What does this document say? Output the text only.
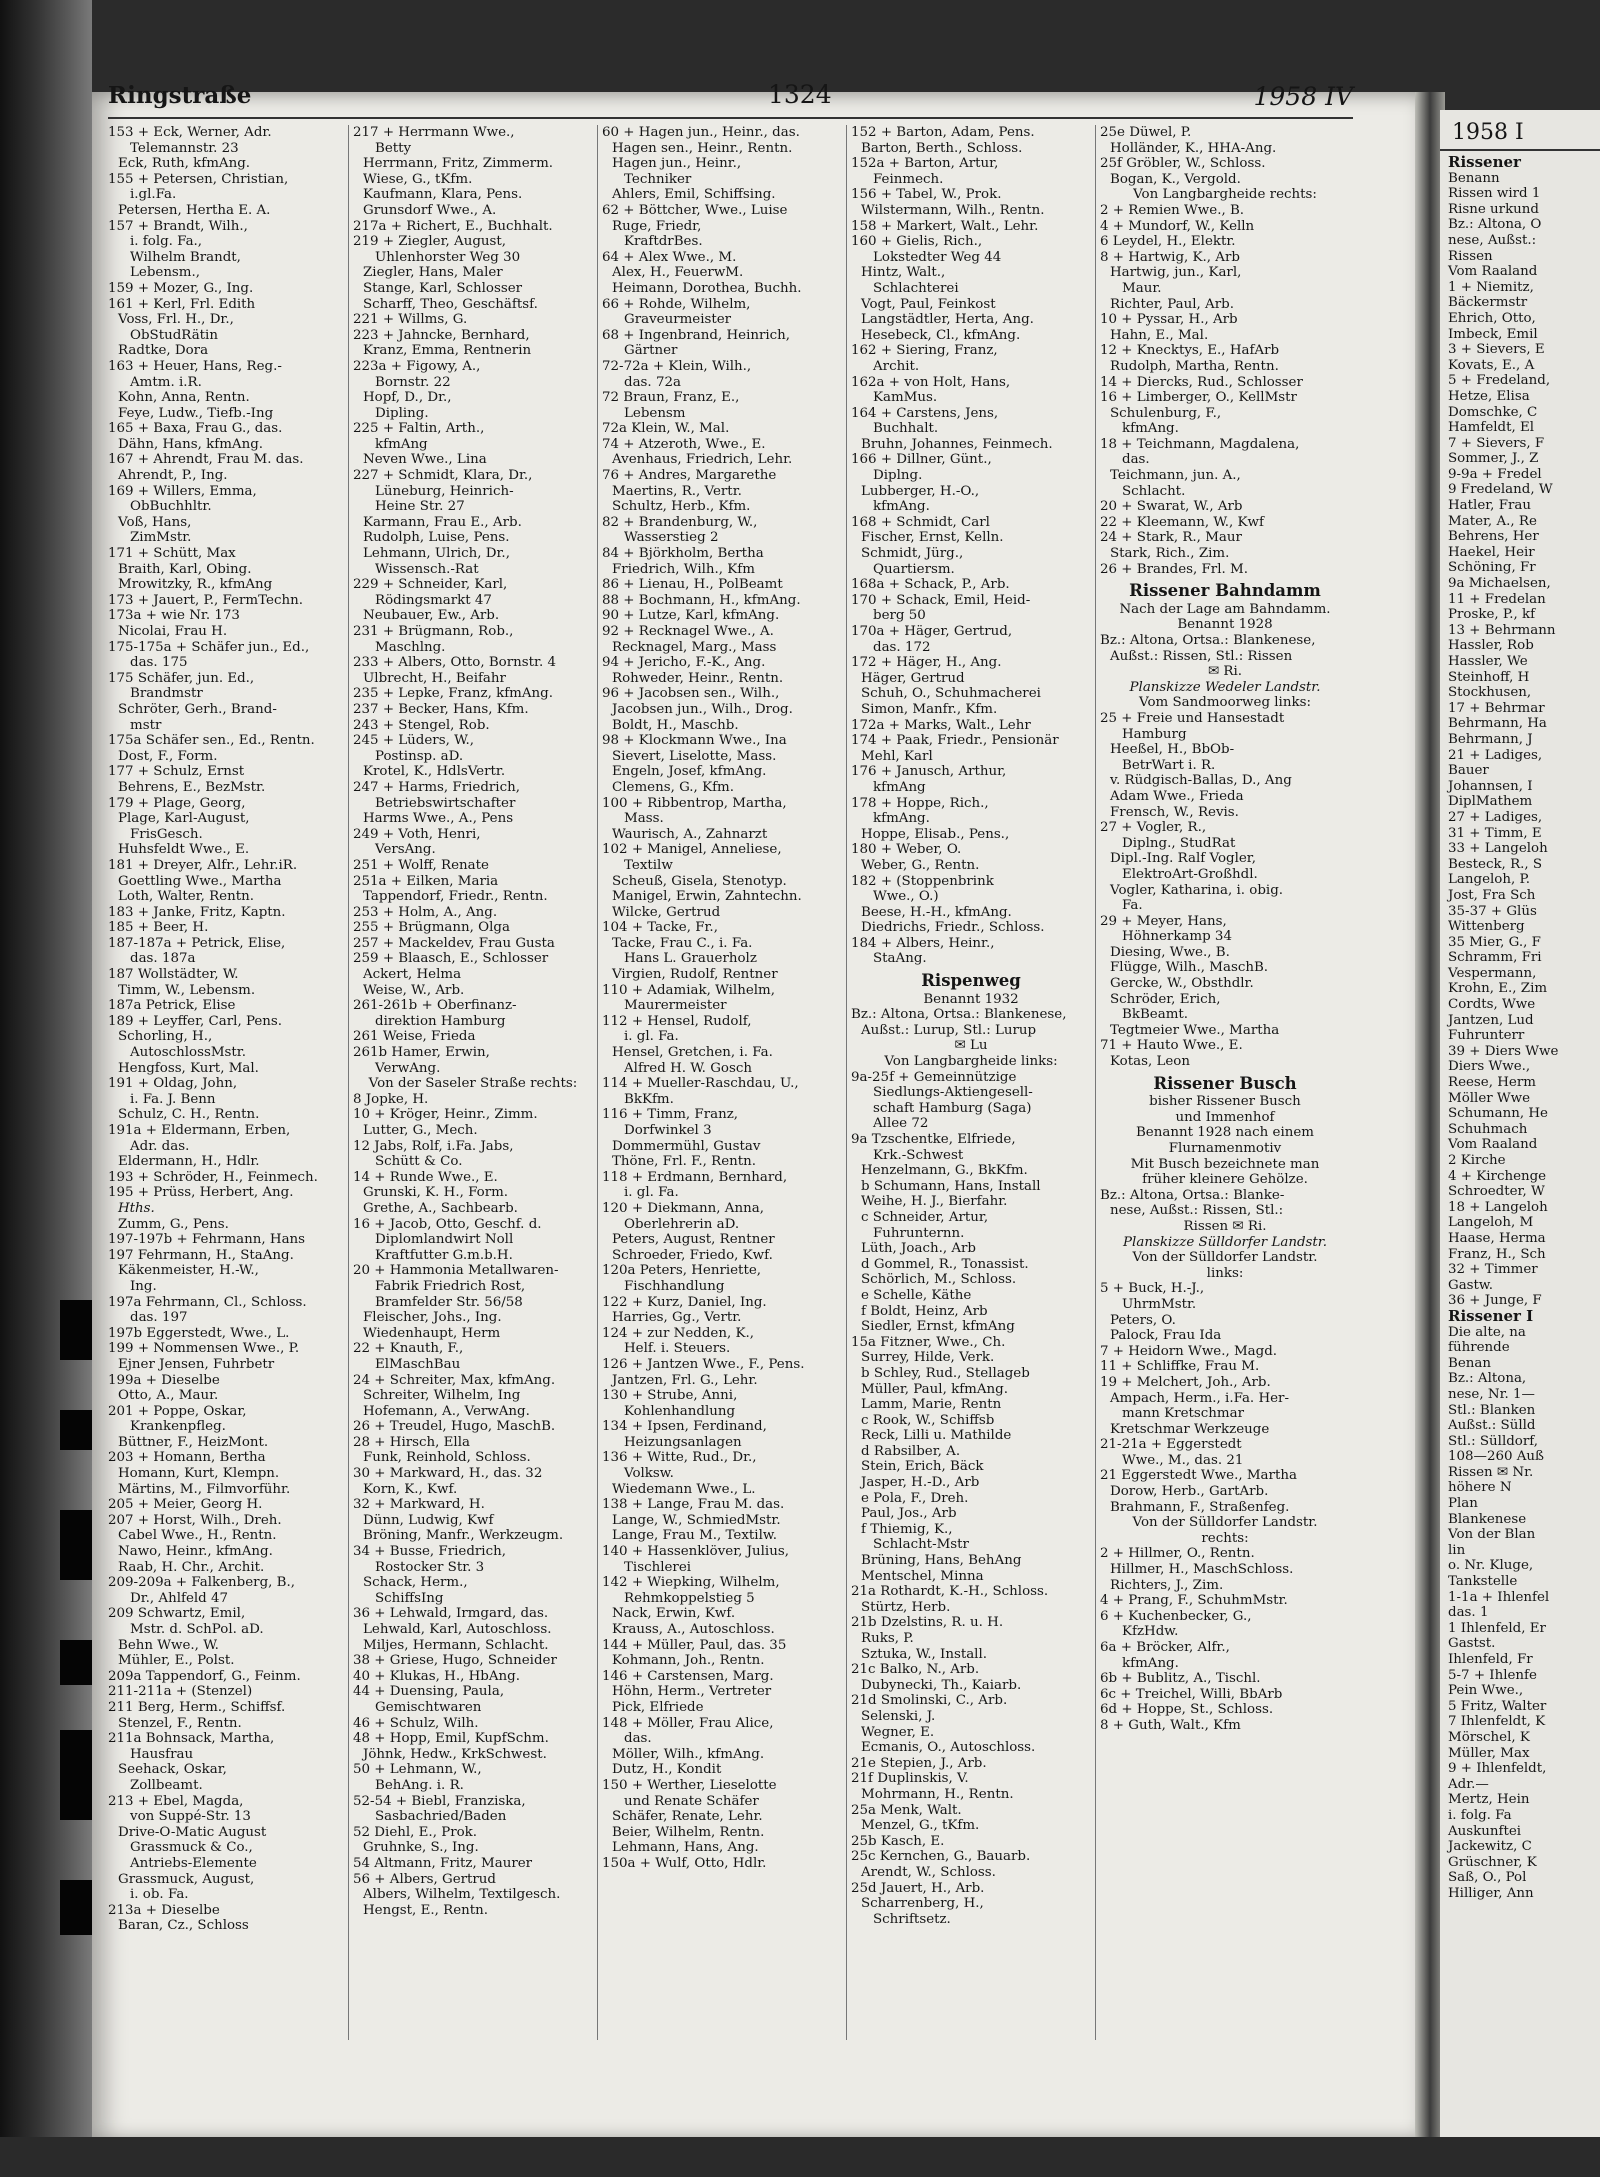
Ringstraße	1324	1958 IV
153 + Eck, Werner, Adr.
Telemannstr. 23
Eck, Ruth, kfmAng.
155 + Petersen, Christian,
i.gl.Fa.
Petersen, Hertha E. A.
157 + Brandt, Wilh.,
i. folg. Fa.,
Wilhelm Brandt,
Lebensm.,
159 + Mozer, G., Ing.
161 + Kerl, Frl. Edith
Voss, Frl. H., Dr.,
ObStudRätin
Radtke, Dora
163 + Heuer, Hans, Reg.-
Amtm. i.R.
Kohn, Anna, Rentn.
Feye, Ludw., Tiefb.-Ing
165 + Baxa, Frau G., das.
Dähn, Hans, kfmAng.
167 + Ahrendt, Frau M. das.
Ahrendt, P., Ing.
169 + Willers, Emma,
ObBuchhltr.
Voß, Hans,
ZimMstr.
171 + Schütt, Max
Braith, Karl, Obing.
Mrowitzky, R., kfmAng
173 + Jauert, P., FermTechn.
173a + wie Nr. 173
Nicolai, Frau H.
175-175a + Schäfer jun., Ed.,
das. 175
175 Schäfer, jun. Ed.,
Brandmstr
Schröter, Gerh., Brand-
mstr
175a Schäfer sen., Ed., Rentn.
Dost, F., Form.
177 + Schulz, Ernst
Behrens, E., BezMstr.
179 + Plage, Georg,
Plage, Karl-August,
FrisGesch.
Huhsfeldt Wwe., E.
181 + Dreyer, Alfr., Lehr.iR.
Goettling Wwe., Martha
Loth, Walter, Rentn.
183 + Janke, Fritz, Kaptn.
185 + Beer, H.
187-187a + Petrick, Elise,
das. 187a
187 Wollstädter, W.
Timm, W., Lebensm.
187a Petrick, Elise
189 + Leyffer, Carl, Pens.
Schorling, H.,
AutoschlossMstr.
Hengfoss, Kurt, Mal.
191 + Oldag, John,
i. Fa. J. Benn
Schulz, C. H., Rentn.
191a + Eldermann, Erben,
Adr. das.
Eldermann, H., Hdlr.
193 + Schröder, H., Feinmech.
195 + Prüss, Herbert, Ang.
Hths.
Zumm, G., Pens.
197-197b + Fehrmann, Hans
197 Fehrmann, H., StaAng.
Käkenmeister, H.-W.,
Ing.
197a Fehrmann, Cl., Schloss.
das. 197
197b Eggerstedt, Wwe., L.
199 + Nommensen Wwe., P.
Ejner Jensen, Fuhrbetr
199a + Dieselbe
Otto, A., Maur.
201 + Poppe, Oskar,
Krankenpfleg.
Büttner, F., HeizMont.
203 + Homann, Bertha
Homann, Kurt, Klempn.
Märtins, M., Filmvorführ.
205 + Meier, Georg H.
207 + Horst, Wilh., Dreh.
Cabel Wwe., H., Rentn.
Nawo, Heinr., kfmAng.
Raab, H. Chr., Archit.
209-209a + Falkenberg, B.,
Dr., Ahlfeld 47
209 Schwartz, Emil,
Mstr. d. SchPol. aD.
Behn Wwe., W.
Mühler, E., Polst.
209a Tappendorf, G., Feinm.
211-211a + (Stenzel)
211 Berg, Herm., Schiffsf.
Stenzel, F., Rentn.
211a Bohnsack, Martha,
Hausfrau
Seehack, Oskar,
Zollbeamt.
213 + Ebel, Magda,
von Suppé-Str. 13
Drive-O-Matic August
Grassmuck & Co.,
Antriebs-Elemente
Grassmuck, August,
i. ob. Fa.
213a + Dieselbe
Baran, Cz., Schloss
217 + Herrmann Wwe.,
Betty
Herrmann, Fritz, Zimmerm.
Wiese, G., tKfm.
Kaufmann, Klara, Pens.
Grunsdorf Wwe., A.
217a + Richert, E., Buchhalt.
219 + Ziegler, August,
Uhlenhorster Weg 30
Ziegler, Hans, Maler
Stange, Karl, Schlosser
Scharff, Theo, Geschäftsf.
221 + Willms, G.
223 + Jahncke, Bernhard,
Kranz, Emma, Rentnerin
223a + Figowy, A.,
Bornstr. 22
Hopf, D., Dr.,
Dipling.
225 + Faltin, Arth.,
kfmAng
Neven Wwe., Lina
227 + Schmidt, Klara, Dr.,
Lüneburg, Heinrich-
Heine Str. 27
Karmann, Frau E., Arb.
Rudolph, Luise, Pens.
Lehmann, Ulrich, Dr.,
Wissensch.-Rat
229 + Schneider, Karl,
Rödingsmarkt 47
Neubauer, Ew., Arb.
231 + Brügmann, Rob.,
Maschlng.
233 + Albers, Otto, Bornstr. 4
Ulbrecht, H., Beifahr
235 + Lepke, Franz, kfmAng.
237 + Becker, Hans, Kfm.
243 + Stengel, Rob.
245 + Lüders, W.,
Postinsp. aD.
Krotel, K., HdlsVertr.
247 + Harms, Friedrich,
Betriebswirtschafter
Harms Wwe., A., Pens
249 + Voth, Henri,
VersAng.
251 + Wolff, Renate
251a + Eilken, Maria
Tappendorf, Friedr., Rentn.
253 + Holm, A., Ang.
255 + Brügmann, Olga
257 + Mackeldev, Frau Gusta
259 + Blaasch, E., Schlosser
Ackert, Helma
Weise, W., Arb.
261-261b + Oberfinanz-
direktion Hamburg
261 Weise, Frieda
261b Hamer, Erwin,
VerwAng.
Von der Saseler Straße rechts:
8 Jopke, H.
10 + Kröger, Heinr., Zimm.
Lutter, G., Mech.
12 Jabs, Rolf, i.Fa. Jabs,
Schütt & Co.
14 + Runde Wwe., E.
Grunski, K. H., Form.
Grethe, A., Sachbearb.
16 + Jacob, Otto, Geschf. d.
Diplomlandwirt Noll
Kraftfutter G.m.b.H.
20 + Hammonia Metallwaren-
Fabrik Friedrich Rost,
Bramfelder Str. 56/58
Fleischer, Johs., Ing.
Wiedenhaupt, Herm
22 + Knauth, F.,
ElMaschBau
24 + Schreiter, Max, kfmAng.
Schreiter, Wilhelm, Ing
Hofemann, A., VerwAng.
26 + Treudel, Hugo, MaschB.
28 + Hirsch, Ella
Funk, Reinhold, Schloss.
30 + Markward, H., das. 32
Korn, K., Kwf.
32 + Markward, H.
Dünn, Ludwig, Kwf
Bröning, Manfr., Werkzeugm.
34 + Busse, Friedrich,
Rostocker Str. 3
Schack, Herm.,
SchiffsIng
36 + Lehwald, Irmgard, das.
Lehwald, Karl, Autoschloss.
Miljes, Hermann, Schlacht.
38 + Griese, Hugo, Schneider
40 + Klukas, H., HbAng.
44 + Duensing, Paula,
Gemischtwaren
46 + Schulz, Wilh.
48 + Hopp, Emil, KupfSchm.
Jöhnk, Hedw., KrkSchwest.
50 + Lehmann, W.,
BehAng. i. R.
52-54 + Biebl, Franziska,
Sasbachried/Baden
52 Diehl, E., Prok.
Gruhnke, S., Ing.
54 Altmann, Fritz, Maurer
56 + Albers, Gertrud
Albers, Wilhelm, Textilgesch.
Hengst, E., Rentn.
60 + Hagen jun., Heinr., das.
Hagen sen., Heinr., Rentn.
Hagen jun., Heinr.,
Techniker
Ahlers, Emil, Schiffsing.
62 + Böttcher, Wwe., Luise
Ruge, Friedr,
KraftdrBes.
64 + Alex Wwe., M.
Alex, H., FeuerwM.
Heimann, Dorothea, Buchh.
66 + Rohde, Wilhelm,
Graveurmeister
68 + Ingenbrand, Heinrich,
Gärtner
72-72a + Klein, Wilh.,
das. 72a
72 Braun, Franz, E.,
Lebensm
72a Klein, W., Mal.
74 + Atzeroth, Wwe., E.
Avenhaus, Friedrich, Lehr.
76 + Andres, Margarethe
Maertins, R., Vertr.
Schultz, Herb., Kfm.
82 + Brandenburg, W.,
Wasserstieg 2
84 + Björkholm, Bertha
Friedrich, Wilh., Kfm
86 + Lienau, H., PolBeamt
88 + Bochmann, H., kfmAng.
90 + Lutze, Karl, kfmAng.
92 + Recknagel Wwe., A.
Recknagel, Marg., Mass
94 + Jericho, F.-K., Ang.
Rohweder, Heinr., Rentn.
96 + Jacobsen sen., Wilh.,
Jacobsen jun., Wilh., Drog.
Boldt, H., Maschb.
98 + Klockmann Wwe., Ina
Sievert, Liselotte, Mass.
Engeln, Josef, kfmAng.
Clemens, G., Kfm.
100 + Ribbentrop, Martha,
Mass.
Waurisch, A., Zahnarzt
102 + Manigel, Anneliese,
Textilw
Scheuß, Gisela, Stenotyp.
Manigel, Erwin, Zahntechn.
Wilcke, Gertrud
104 + Tacke, Fr.,
Tacke, Frau C., i. Fa.
Hans L. Grauerholz
Virgien, Rudolf, Rentner
110 + Adamiak, Wilhelm,
Maurermeister
112 + Hensel, Rudolf,
i. gl. Fa.
Hensel, Gretchen, i. Fa.
Alfred H. W. Gosch
114 + Mueller-Raschdau, U.,
BkKfm.
116 + Timm, Franz,
Dorfwinkel 3
Dommermühl, Gustav
Thöne, Frl. F., Rentn.
118 + Erdmann, Bernhard,
i. gl. Fa.
120 + Diekmann, Anna,
Oberlehrerin aD.
Peters, August, Rentner
Schroeder, Friedo, Kwf.
120a Peters, Henriette,
Fischhandlung
122 + Kurz, Daniel, Ing.
Harries, Gg., Vertr.
124 + zur Nedden, K.,
Helf. i. Steuers.
126 + Jantzen Wwe., F., Pens.
Jantzen, Frl. G., Lehr.
130 + Strube, Anni,
Kohlenhandlung
134 + Ipsen, Ferdinand,
Heizungsanlagen
136 + Witte, Rud., Dr.,
Volksw.
Wiedemann Wwe., L.
138 + Lange, Frau M. das.
Lange, W., SchmiedMstr.
Lange, Frau M., Textilw.
140 + Hassenklöver, Julius,
Tischlerei
142 + Wiepking, Wilhelm,
Rehmkoppelstieg 5
Nack, Erwin, Kwf.
Krauss, A., Autoschloss.
144 + Müller, Paul, das. 35
Kohmann, Joh., Rentn.
146 + Carstensen, Marg.
Höhn, Herm., Vertreter
Pick, Elfriede
148 + Möller, Frau Alice,
das.
Möller, Wilh., kfmAng.
Dutz, H., Kondit
150 + Werther, Lieselotte
und Renate Schäfer
Schäfer, Renate, Lehr.
Beier, Wilhelm, Rentn.
Lehmann, Hans, Ang.
150a + Wulf, Otto, Hdlr.
152 + Barton, Adam, Pens.
Barton, Berth., Schloss.
152a + Barton, Artur,
Feinmech.
156 + Tabel, W., Prok.
Wilstermann, Wilh., Rentn.
158 + Markert, Walt., Lehr.
160 + Gielis, Rich.,
Lokstedter Weg 44
Hintz, Walt.,
Schlachterei
Vogt, Paul, Feinkost
Langstädtler, Herta, Ang.
Hesebeck, Cl., kfmAng.
162 + Siering, Franz,
Archit.
162a + von Holt, Hans,
KamMus.
164 + Carstens, Jens,
Buchhalt.
Bruhn, Johannes, Feinmech.
166 + Dillner, Günt.,
Diplng.
Lubberger, H.-O.,
kfmAng.
168 + Schmidt, Carl
Fischer, Ernst, Kelln.
Schmidt, Jürg.,
Quartiersm.
168a + Schack, P., Arb.
170 + Schack, Emil, Heid-
berg 50
170a + Häger, Gertrud,
das. 172
172 + Häger, H., Ang.
Häger, Gertrud
Schuh, O., Schuhmacherei
Simon, Manfr., Kfm.
172a + Marks, Walt., Lehr
174 + Paak, Friedr., Pensionär
Mehl, Karl
176 + Janusch, Arthur,
kfmAng
178 + Hoppe, Rich.,
kfmAng.
Hoppe, Elisab., Pens.,
180 + Weber, O.
Weber, G., Rentn.
182 + (Stoppenbrink
Wwe., O.)
Beese, H.-H., kfmAng.
Diedrichs, Friedr., Schloss.
184 + Albers, Heinr.,
StaAng.
Rispenweg
Benannt 1932
Bz.: Altona, Ortsa.: Blankenese,
Außst.: Lurup, Stl.: Lurup
✉ Lu
Von Langbargheide links:
9a-25f + Gemeinnützige
Siedlungs-Aktiengesell-
schaft Hamburg (Saga)
Allee 72
9a Tzschentke, Elfriede,
Krk.-Schwest
Henzelmann, G., BkKfm.
b Schumann, Hans, Install
Weihe, H. J., Bierfahr.
c Schneider, Artur,
Fuhrunternn.
Lüth, Joach., Arb
d Gommel, R., Tonassist.
Schörlich, M., Schloss.
e Schelle, Käthe
f Boldt, Heinz, Arb
Siedler, Ernst, kfmAng
15a Fitzner, Wwe., Ch.
Surrey, Hilde, Verk.
b Schley, Rud., Stellageb
Müller, Paul, kfmAng.
Lamm, Marie, Rentn
c Rook, W., Schiffsb
Reck, Lilli u. Mathilde
d Rabsilber, A.
Stein, Erich, Bäck
Jasper, H.-D., Arb
e Pola, F., Dreh.
Paul, Jos., Arb
f Thiemig, K.,
Schlacht-Mstr
Brüning, Hans, BehAng
Mentschel, Minna
21a Rothardt, K.-H., Schloss.
Stürtz, Herb.
21b Dzelstins, R. u. H.
Ruks, P.
Sztuka, W., Install.
21c Balko, N., Arb.
Dubynecki, Th., Kaiarb.
21d Smolinski, C., Arb.
Selenski, J.
Wegner, E.
Ecmanis, O., Autoschloss.
21e Stepien, J., Arb.
21f Duplinskis, V.
Mohrmann, H., Rentn.
25a Menk, Walt.
Menzel, G., tKfm.
25b Kasch, E.
25c Kernchen, G., Bauarb.
Arendt, W., Schloss.
25d Jauert, H., Arb.
Scharrenberg, H.,
Schriftsetz.
25e Düwel, P.
Holländer, K., HHA-Ang.
25f Gröbler, W., Schloss.
Bogan, K., Vergold.
Von Langbargheide rechts:
2 + Remien Wwe., B.
4 + Mundorf, W., Kelln
6 Leydel, H., Elektr.
8 + Hartwig, K., Arb
Hartwig, jun., Karl,
Maur.
Richter, Paul, Arb.
10 + Pyssar, H., Arb
Hahn, E., Mal.
12 + Knecktys, E., HafArb
Rudolph, Martha, Rentn.
14 + Diercks, Rud., Schlosser
16 + Limberger, O., KellMstr
Schulenburg, F.,
kfmAng.
18 + Teichmann, Magdalena,
das.
Teichmann, jun. A.,
Schlacht.
20 + Swarat, W., Arb
22 + Kleemann, W., Kwf
24 + Stark, R., Maur
Stark, Rich., Zim.
26 + Brandes, Frl. M.
Rissener Bahndamm
Nach der Lage am Bahndamm.
Benannt 1928
Bz.: Altona, Ortsa.: Blankenese,
Außst.: Rissen, Stl.: Rissen
✉ Ri.
Planskizze Wedeler Landstr.
Vom Sandmoorweg links:
25 + Freie und Hansestadt
Hamburg
Heeßel, H., BbOb-
BetrWart i. R.
v. Rüdgisch-Ballas, D., Ang
Adam Wwe., Frieda
Frensch, W., Revis.
27 + Vogler, R.,
Diplng., StudRat
Dipl.-Ing. Ralf Vogler,
ElektroArt-Großhdl.
Vogler, Katharina, i. obig.
Fa.
29 + Meyer, Hans,
Höhnerkamp 34
Diesing, Wwe., B.
Flügge, Wilh., MaschB.
Gercke, W., Obsthdlr.
Schröder, Erich,
BkBeamt.
Tegtmeier Wwe., Martha
71 + Hauto Wwe., E.
Kotas, Leon
Rissener Busch
bisher Rissener Busch
und Immenhof
Benannt 1928 nach einem
Flurnamenmotiv
Mit Busch bezeichnete man
früher kleinere Gehölze.
Bz.: Altona, Ortsa.: Blanke-
nese, Außst.: Rissen, Stl.:
Rissen ✉ Ri.
Planskizze Sülldorfer Landstr.
Von der Sülldorfer Landstr.
links:
5 + Buck, H.-J.,
UhrmMstr.
Peters, O.
Palock, Frau Ida
7 + Heidorn Wwe., Magd.
11 + Schliffke, Frau M.
19 + Melchert, Joh., Arb.
Ampach, Herm., i.Fa. Her-
mann Kretschmar
Kretschmar Werkzeuge
21-21a + Eggerstedt
Wwe., M., das. 21
21 Eggerstedt Wwe., Martha
Dorow, Herb., GartArb.
Brahmann, F., Straßenfeg.
Von der Sülldorfer Landstr.
rechts:
2 + Hillmer, O., Rentn.
Hillmer, H., MaschSchloss.
Richters, J., Zim.
4 + Prang, F., SchuhmMstr.
6 + Kuchenbecker, G.,
KfzHdw.
6a + Bröcker, Alfr.,
kfmAng.
6b + Bublitz, A., Tischl.
6c + Treichel, Willi, BbArb
6d + Hoppe, St., Schloss.
8 + Guth, Walt., Kfm
1958 I
Rissener
Benann
Rissen wird 1
Risne urkund
Bz.: Altona, O
nese, Außst.:
Rissen
Vom Raaland
1 + Niemitz,
Bäckermstr
Ehrich, Otto,
Imbeck, Emil
3 + Sievers, E
Kovats, E., A
5 + Fredeland,
Hetze, Elisa
Domschke, C
Hamfeldt, El
7 + Sievers, F
Sommer, J., Z
9-9a + Fredel
9 Fredeland, W
Hatler, Frau
Mater, A., Re
Behrens, Her
Haekel, Heir
Schöning, Fr
9a Michaelsen,
11 + Fredelan
Proske, P., kf
13 + Behrmann
Hassler, Rob
Hassler, We
Steinhoff, H
Stockhusen,
17 + Behrmar
Behrmann, Ha
Behrmann, J
21 + Ladiges,
Bauer
Johannsen, I
DiplMathem
27 + Ladiges,
31 + Timm, E
33 + Langeloh
Besteck, R., S
Langeloh, P.
Jost, Fra Sch
35-37 + Glüs
Wittenberg
35 Mier, G., F
Schramm, Fri
Vespermann,
Krohn, E., Zim
Cordts, Wwe
Jantzen, Lud
Fuhrunterr
39 + Diers Wwe
Diers Wwe.,
Reese, Herm
Möller Wwe
Schumann, He
Schuhmach
Vom Raaland
2 Kirche
4 + Kirchenge
Schroedter, W
18 + Langeloh
Langeloh, M
Haase, Herma
Franz, H., Sch
32 + Timmer
Gastw.
36 + Junge, F
Rissener I
Die alte, na
führende
Benan
Bz.: Altona,
nese, Nr. 1—
Stl.: Blanken
Außst.: Sülld
Stl.: Sülldorf,
108—260 Auß
Rissen ✉ Nr.
höhere N
Plan
Blankenese
Von der Blan
lin
o. Nr. Kluge,
Tankstelle
1-1a + Ihlenfel
das. 1
1 Ihlenfeld, Er
Gastst.
Ihlenfeld, Fr
5-7 + Ihlenfe
Pein Wwe.,
5 Fritz, Walter
7 Ihlenfeldt, K
Mörschel, K
Müller, Max
9 + Ihlenfeldt,
Adr.—
Mertz, Hein
i. folg. Fa
Auskunftei
Jackewitz, C
Grüschner, K
Saß, O., Pol
Hilliger, Ann
